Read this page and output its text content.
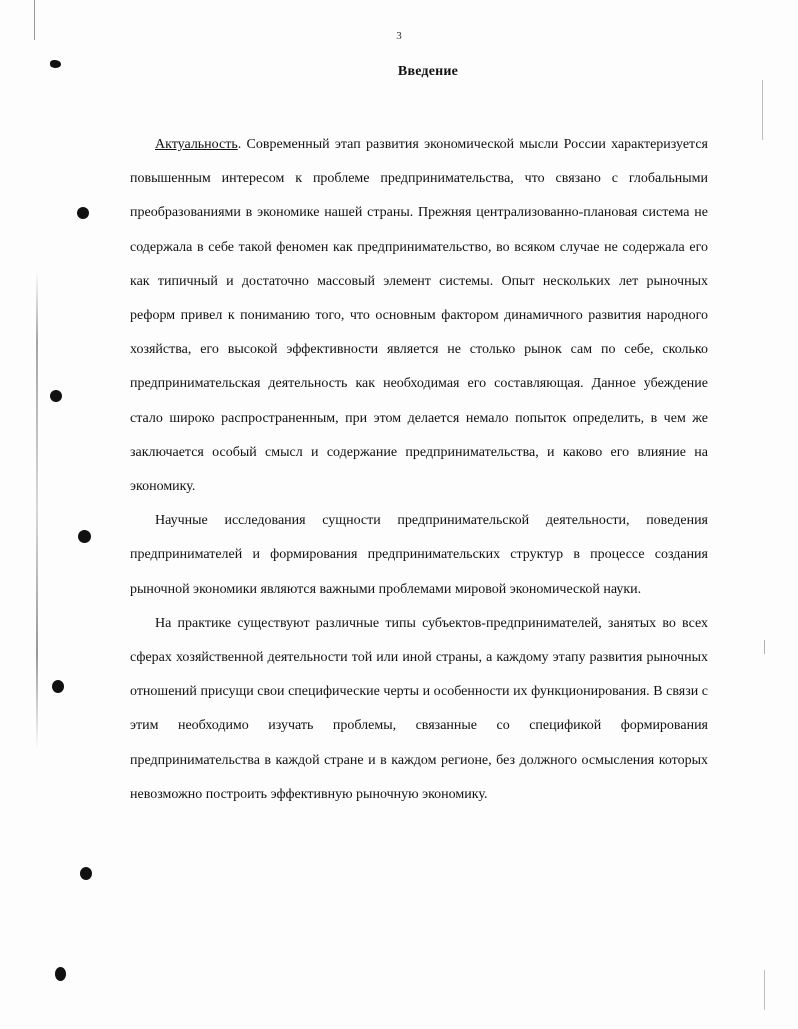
3
Введение

Актуальность. Современный этап развития экономической мысли России характеризуется повышенным интересом к проблеме предпринимательства, что связано с глобальными преобразованиями в экономике нашей страны. Прежняя централизованно-плановая система не содержала в себе такой феномен как предпринимательство, во всяком случае не содержала его как типичный и достаточно массовый элемент системы. Опыт нескольких лет рыночных реформ привел к пониманию того, что основным фактором динамичного развития народного хозяйства, его высокой эффективности является не столько рынок сам по себе, сколько предпринимательская деятельность как необходимая его составляющая. Данное убеждение стало широко распространенным, при этом делается немало попыток определить, в чем же заключается особый смысл и содержание предпринимательства, и каково его влияние на экономику.

Научные исследования сущности предпринимательской деятельности, поведения предпринимателей и формирования предпринимательских структур в процессе создания рыночной экономики являются важными проблемами мировой экономической науки.

На практике существуют различные типы субъектов-предпринимателей, занятых во всех сферах хозяйственной деятельности той или иной страны, а каждому этапу развития рыночных отношений присущи свои специфические черты и особенности их функционирования. В связи с этим необходимо изучать проблемы, связанные со спецификой формирования предпринимательства в каждой стране и в каждом регионе, без должного осмысления которых невозможно построить эффективную рыночную экономику.
